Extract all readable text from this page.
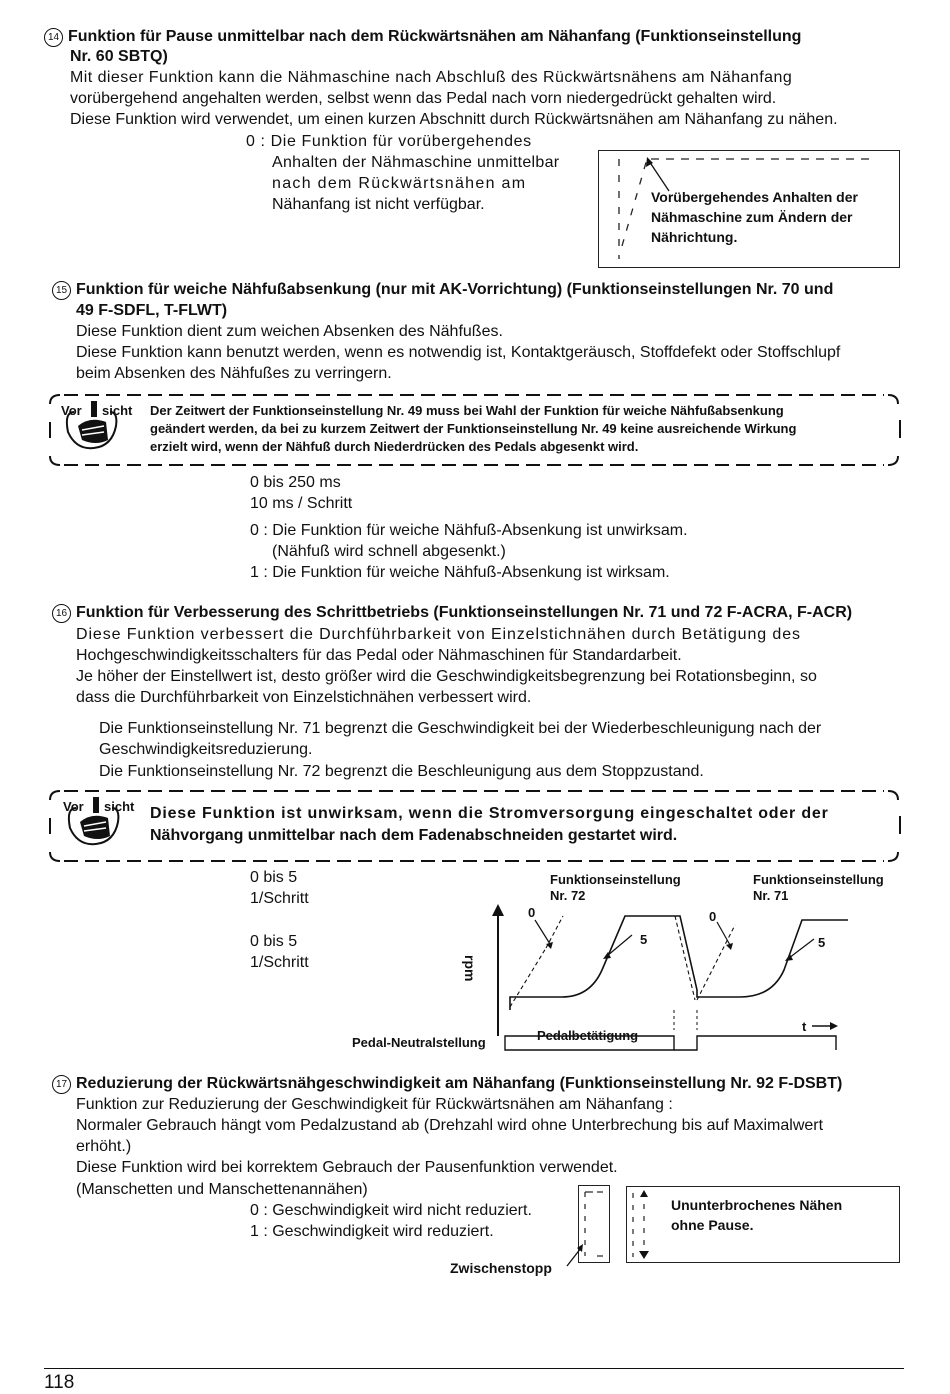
14 Funktion für Pause unmittelbar nach dem Rückwärtsnähen am Nähanfang (Funktionseinstellung
Nr. 60 SBTQ)
Mit dieser Funktion kann die Nähmaschine nach Abschluß des Rückwärtsnähens am Nähanfang
vorübergehend angehalten werden, selbst wenn das Pedal nach vorn niedergedrückt gehalten wird.
Diese Funktion wird verwendet, um einen kurzen Abschnitt durch Rückwärtsnähen am Nähanfang zu nähen.
0 : Die Funktion für vorübergehendes
Anhalten der Nähmaschine unmittelbar
nach dem Rückwärtsnähen am
Nähanfang ist nicht verfügbar.	Vorübergehendes Anhalten der
Nähmaschine zum Ändern der
Nährichtung.
15 Funktion für weiche Nähfußabsenkung (nur mit AK-Vorrichtung) (Funktionseinstellungen Nr. 70 und
49 F-SDFL, T-FLWT)
Diese Funktion dient zum weichen Absenken des Nähfußes.
Diese Funktion kann benutzt werden, wenn es notwendig ist, Kontaktgeräusch, Stoffdefekt oder Stoffschlupf
beim Absenken des Nähfußes zu verringern.
Vor sicht Der Zeitwert der Funktionseinstellung Nr. 49 muss bei Wahl der Funktion für weiche Nähfußabsenkung
geändert werden, da bei zu kurzem Zeitwert der Funktionseinstellung Nr. 49 keine ausreichende Wirkung
erzielt wird, wenn der Nähfuß durch Niederdrücken des Pedals abgesenkt wird.
0 bis 250 ms
10 ms / Schritt
0 : Die Funktion für weiche Nähfuß-Absenkung ist unwirksam.
(Nähfuß wird schnell abgesenkt.)
1 : Die Funktion für weiche Nähfuß-Absenkung ist wirksam.
16 Funktion für Verbesserung des Schrittbetriebs (Funktionseinstellungen Nr. 71 und 72 F-ACRA, F-ACR)
Diese Funktion verbessert die Durchführbarkeit von Einzelstichnähen durch Betätigung des
Hochgeschwindigkeitsschalters für das Pedal oder Nähmaschinen für Standardarbeit.
Je höher der Einstellwert ist, desto größer wird die Geschwindigkeitsbegrenzung bei Rotationsbeginn, so
dass die Durchführbarkeit von Einzelstichnähen verbessert wird.
Die Funktionseinstellung Nr. 71 begrenzt die Geschwindigkeit bei der Wiederbeschleunigung nach der
Geschwindigkeitsreduzierung.
Die Funktionseinstellung Nr. 72 begrenzt die Beschleunigung aus dem Stoppzustand.
Vor sicht Diese Funktion ist unwirksam, wenn die Stromversorgung eingeschaltet oder der
Nähvorgang unmittelbar nach dem Fadenabschneiden gestartet wird.
0 bis 5
1/Schritt
0 bis 5
1/Schritt
Funktionseinstellung
Nr. 72
Funktionseinstellung
Nr. 71
0
5
0
5
rpm
t
Pedal-Neutralstellung	Pedalbetätigung
17 Reduzierung der Rückwärtsnähgeschwindigkeit am Nähanfang (Funktionseinstellung Nr. 92 F-DSBT)
Funktion zur Reduzierung der Geschwindigkeit für Rückwärtsnähen am Nähanfang :
Normaler Gebrauch hängt vom Pedalzustand ab (Drehzahl wird ohne Unterbrechung bis auf Maximalwert
erhöht.)
Diese Funktion wird bei korrektem Gebrauch der Pausenfunktion verwendet.
(Manschetten und Manschettenannähen)
0 : Geschwindigkeit wird nicht reduziert.
1 : Geschwindigkeit wird reduziert.
Zwischenstopp
Ununterbrochenes Nähen
ohne Pause.
118
